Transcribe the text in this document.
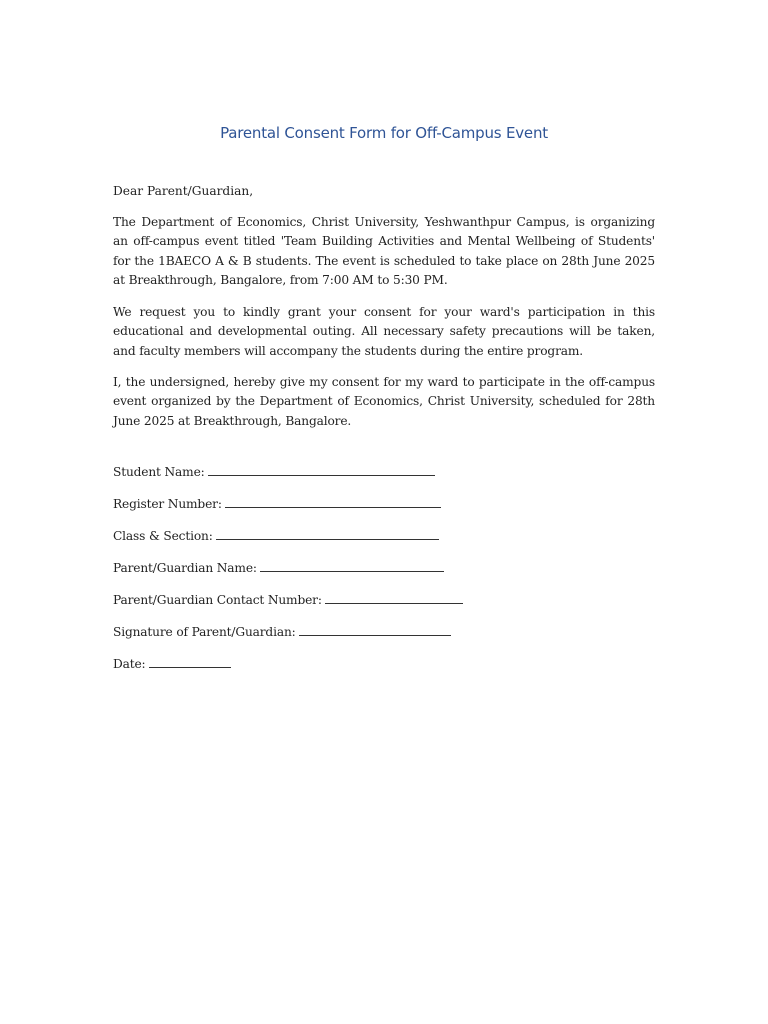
Parental Consent Form for Off-Campus Event

Dear Parent/Guardian,

The Department of Economics, Christ University, Yeshwanthpur Campus, is organizing an off-campus event titled 'Team Building Activities and Mental Wellbeing of Students' for the 1BAECO A & B students. The event is scheduled to take place on 28th June 2025 at Breakthrough, Bangalore, from 7:00 AM to 5:30 PM.

We request you to kindly grant your consent for your ward's participation in this educational and developmental outing. All necessary safety precautions will be taken, and faculty members will accompany the students during the entire program.

I, the undersigned, hereby give my consent for my ward to participate in the off-campus event organized by the Department of Economics, Christ University, scheduled for 28th June 2025 at Breakthrough, Bangalore.

Student Name:
Register Number:
Class & Section:
Parent/Guardian Name:
Parent/Guardian Contact Number:
Signature of Parent/Guardian:
Date:
